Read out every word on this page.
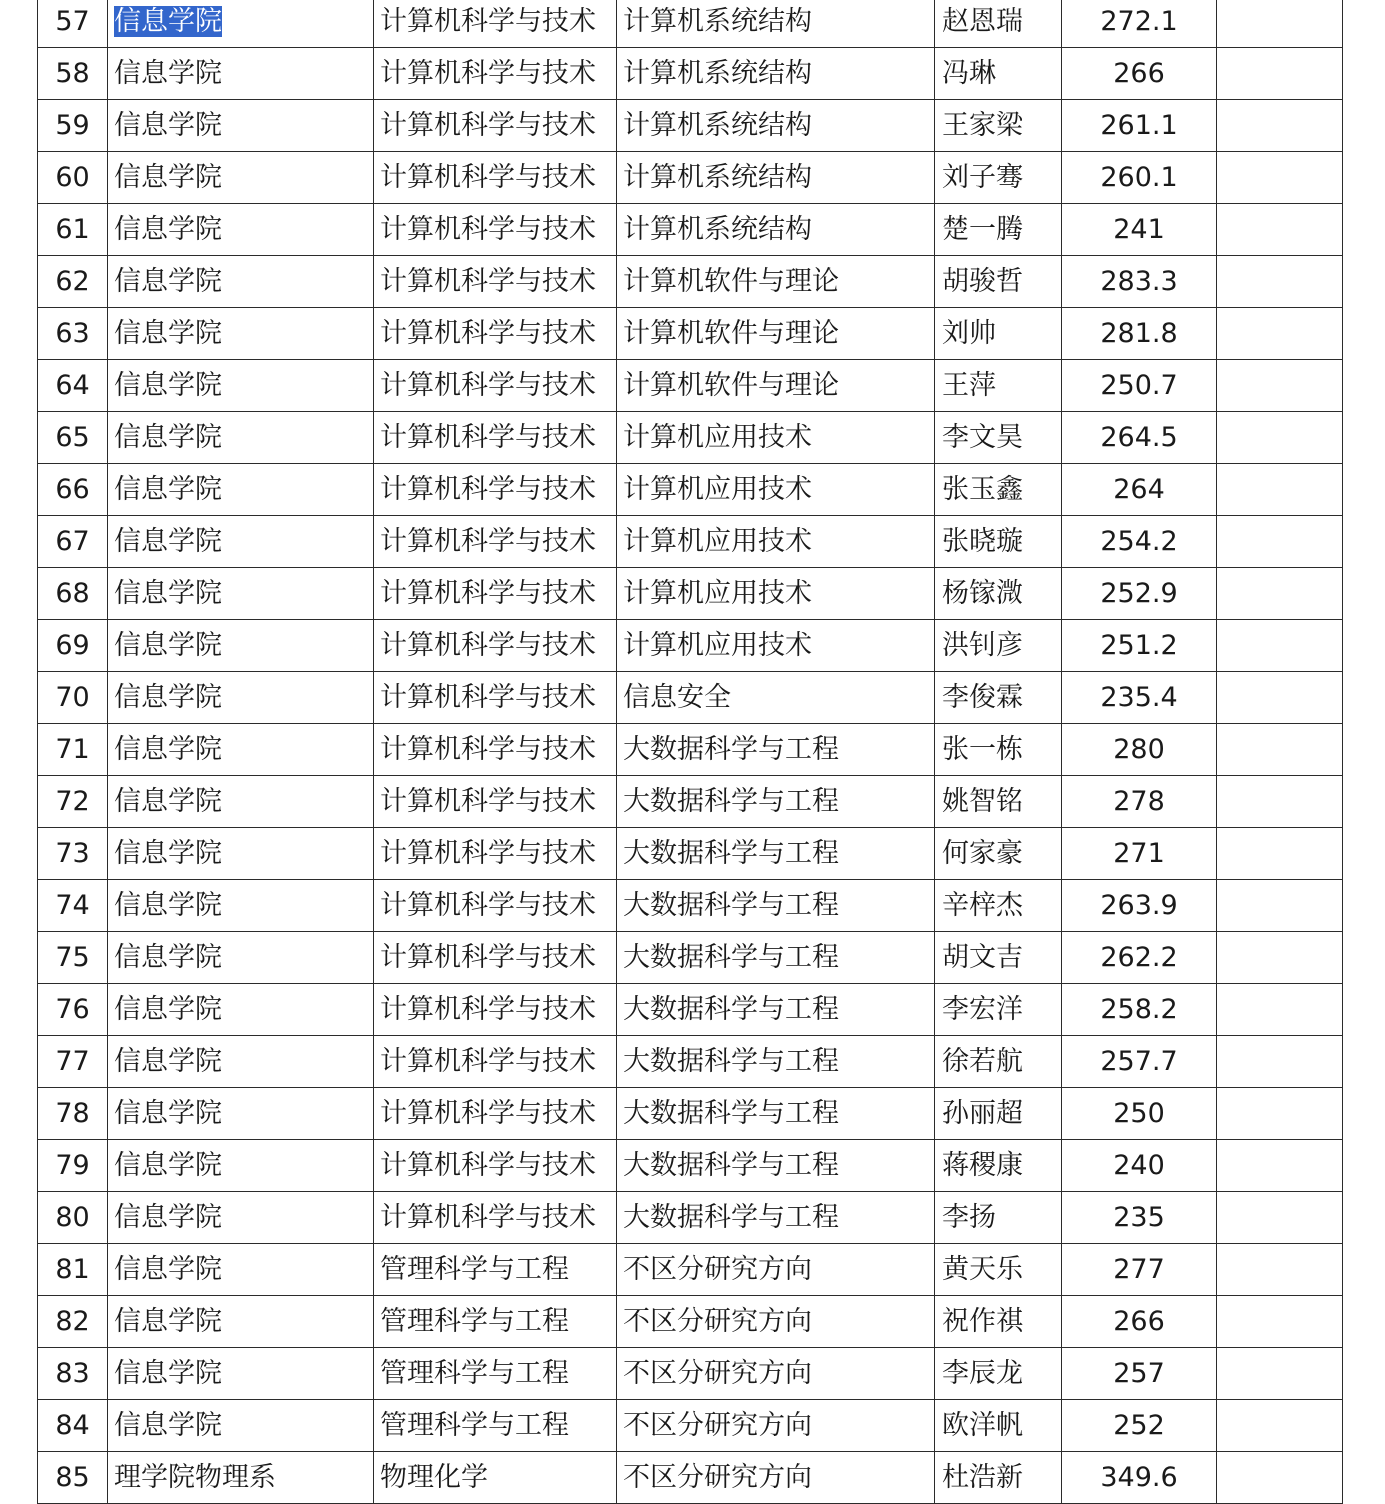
57	信息学院	计算机科学与技术	计算机系统结构	赵恩瑞	272.1	
58	信息学院	计算机科学与技术	计算机系统结构	冯琳	266	
59	信息学院	计算机科学与技术	计算机系统结构	王家梁	261.1	
60	信息学院	计算机科学与技术	计算机系统结构	刘子骞	260.1	
61	信息学院	计算机科学与技术	计算机系统结构	楚一腾	241	
62	信息学院	计算机科学与技术	计算机软件与理论	胡骏哲	283.3	
63	信息学院	计算机科学与技术	计算机软件与理论	刘帅	281.8	
64	信息学院	计算机科学与技术	计算机软件与理论	王萍	250.7	
65	信息学院	计算机科学与技术	计算机应用技术	李文昊	264.5	
66	信息学院	计算机科学与技术	计算机应用技术	张玉鑫	264	
67	信息学院	计算机科学与技术	计算机应用技术	张晓璇	254.2	
68	信息学院	计算机科学与技术	计算机应用技术	杨镓溦	252.9	
69	信息学院	计算机科学与技术	计算机应用技术	洪钊彦	251.2	
70	信息学院	计算机科学与技术	信息安全	李俊霖	235.4	
71	信息学院	计算机科学与技术	大数据科学与工程	张一栋	280	
72	信息学院	计算机科学与技术	大数据科学与工程	姚智铭	278	
73	信息学院	计算机科学与技术	大数据科学与工程	何家豪	271	
74	信息学院	计算机科学与技术	大数据科学与工程	辛梓杰	263.9	
75	信息学院	计算机科学与技术	大数据科学与工程	胡文吉	262.2	
76	信息学院	计算机科学与技术	大数据科学与工程	李宏洋	258.2	
77	信息学院	计算机科学与技术	大数据科学与工程	徐若航	257.7	
78	信息学院	计算机科学与技术	大数据科学与工程	孙丽超	250	
79	信息学院	计算机科学与技术	大数据科学与工程	蒋稷康	240	
80	信息学院	计算机科学与技术	大数据科学与工程	李扬	235	
81	信息学院	管理科学与工程	不区分研究方向	黄天乐	277	
82	信息学院	管理科学与工程	不区分研究方向	祝作祺	266	
83	信息学院	管理科学与工程	不区分研究方向	李辰龙	257	
84	信息学院	管理科学与工程	不区分研究方向	欧洋帆	252	
85	理学院物理系	物理化学	不区分研究方向	杜浩新	349.6	
